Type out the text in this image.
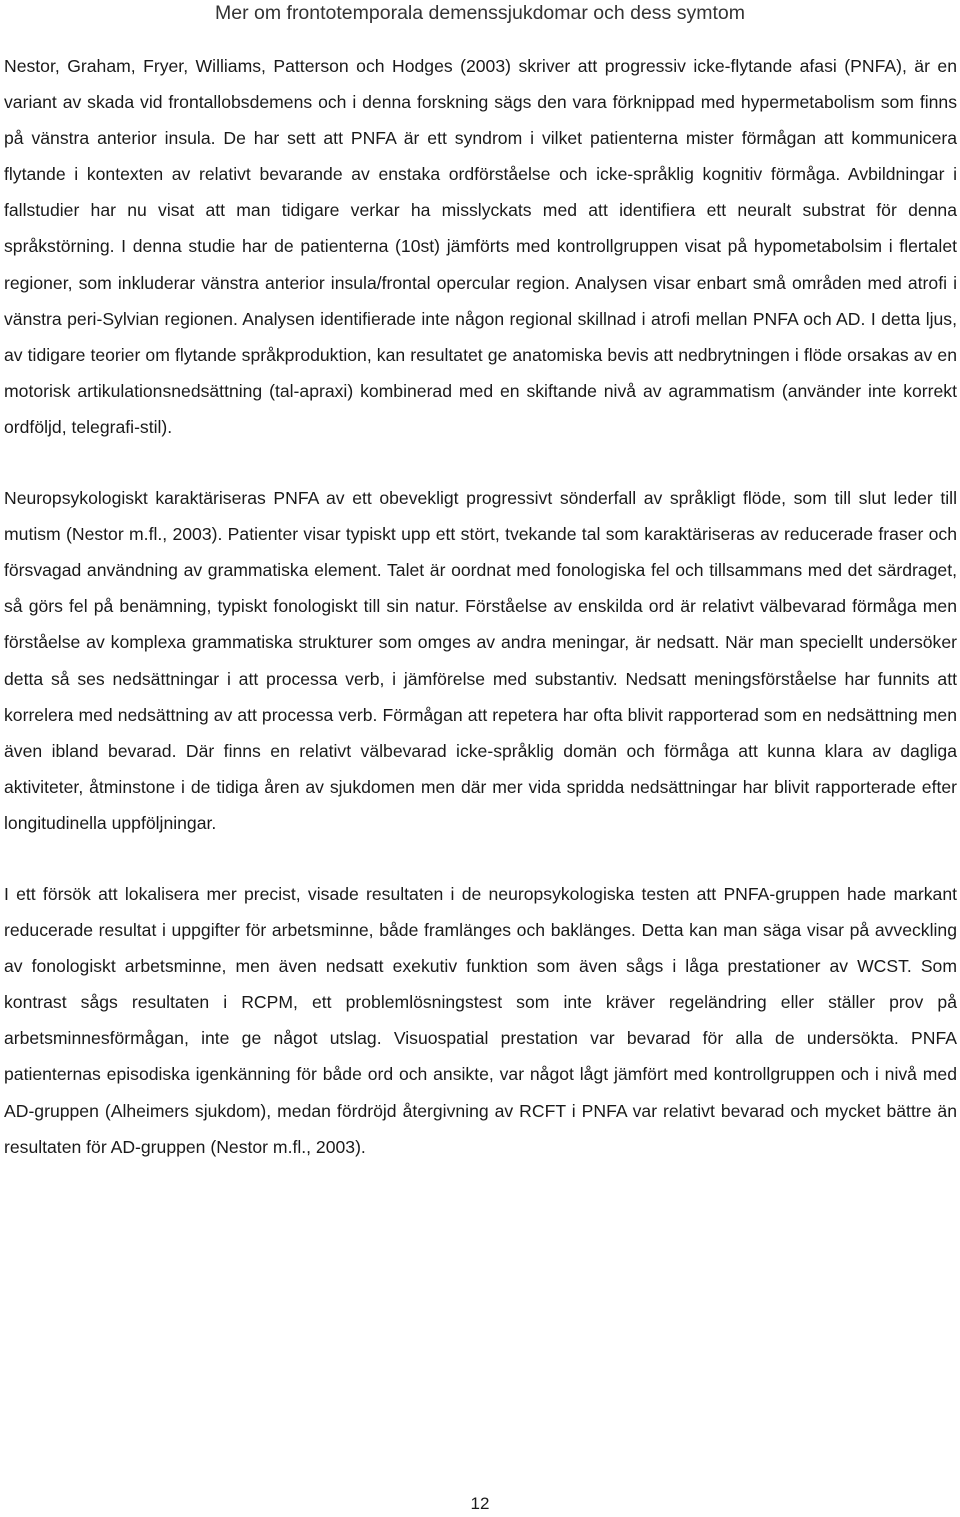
Mer om frontotemporala demenssjukdomar och dess symtom

Nestor, Graham, Fryer, Williams, Patterson och Hodges (2003) skriver att progressiv icke-flytande afasi (PNFA), är en variant av skada vid frontallobsdemens och i denna forskning sägs den vara förknippad med hypermetabolism som finns på vänstra anterior insula. De har sett att PNFA är ett syndrom i vilket patienterna mister förmågan att kommunicera flytande i kontexten av relativt bevarande av enstaka ordförståelse och icke-språklig kognitiv förmåga. Avbildningar i fallstudier har nu visat att man tidigare verkar ha misslyckats med att identifiera ett neuralt substrat för denna språkstörning. I denna studie har de patienterna (10st) jämförts med kontrollgruppen visat på hypometabolsim i flertalet regioner, som inkluderar vänstra anterior insula/frontal opercular region. Analysen visar enbart små områden med atrofi i vänstra peri-Sylvian regionen. Analysen identifierade inte någon regional skillnad i atrofi mellan PNFA och AD. I detta ljus, av tidigare teorier om flytande språkproduktion, kan resultatet ge anatomiska bevis att nedbrytningen i flöde orsakas av en motorisk artikulationsnedsättning (tal-apraxi) kombinerad med en skiftande nivå av agrammatism (använder inte korrekt ordföljd, telegrafi-stil).

Neuropsykologiskt karaktäriseras PNFA av ett obevekligt progressivt sönderfall av språkligt flöde, som till slut leder till mutism (Nestor m.fl., 2003). Patienter visar typiskt upp ett stört, tvekande tal som karaktäriseras av reducerade fraser och försvagad användning av grammatiska element. Talet är oordnat med fonologiska fel och tillsammans med det särdraget, så görs fel på benämning, typiskt fonologiskt till sin natur. Förståelse av enskilda ord är relativt välbevarad förmåga men förståelse av komplexa grammatiska strukturer som omges av andra meningar, är nedsatt. När man speciellt undersöker detta så ses nedsättningar i att processa verb, i jämförelse med substantiv. Nedsatt meningsförståelse har funnits att korrelera med nedsättning av att processa verb. Förmågan att repetera har ofta blivit rapporterad som en nedsättning men även ibland bevarad. Där finns en relativt välbevarad icke-språklig domän och förmåga att kunna klara av dagliga aktiviteter, åtminstone i de tidiga åren av sjukdomen men där mer vida spridda nedsättningar har blivit rapporterade efter longitudinella uppföljningar.

I ett försök att lokalisera mer precist, visade resultaten i de neuropsykologiska testen att PNFA-gruppen hade markant reducerade resultat i uppgifter för arbetsminne, både framlänges och baklänges. Detta kan man säga visar på avveckling av fonologiskt arbetsminne, men även nedsatt exekutiv funktion som även sågs i låga prestationer av WCST. Som kontrast sågs resultaten i RCPM, ett problemlösningstest som inte kräver regeländring eller ställer prov på arbetsminnesförmågan, inte ge något utslag. Visuospatial prestation var bevarad för alla de undersökta. PNFA patienternas episodiska igenkänning för både ord och ansikte, var något lågt jämfört med kontrollgruppen och i nivå med AD-gruppen (Alheimers sjukdom), medan fördröjd återgivning av RCFT i PNFA var relativt bevarad och mycket bättre än resultaten för AD-gruppen (Nestor m.fl., 2003).

12
